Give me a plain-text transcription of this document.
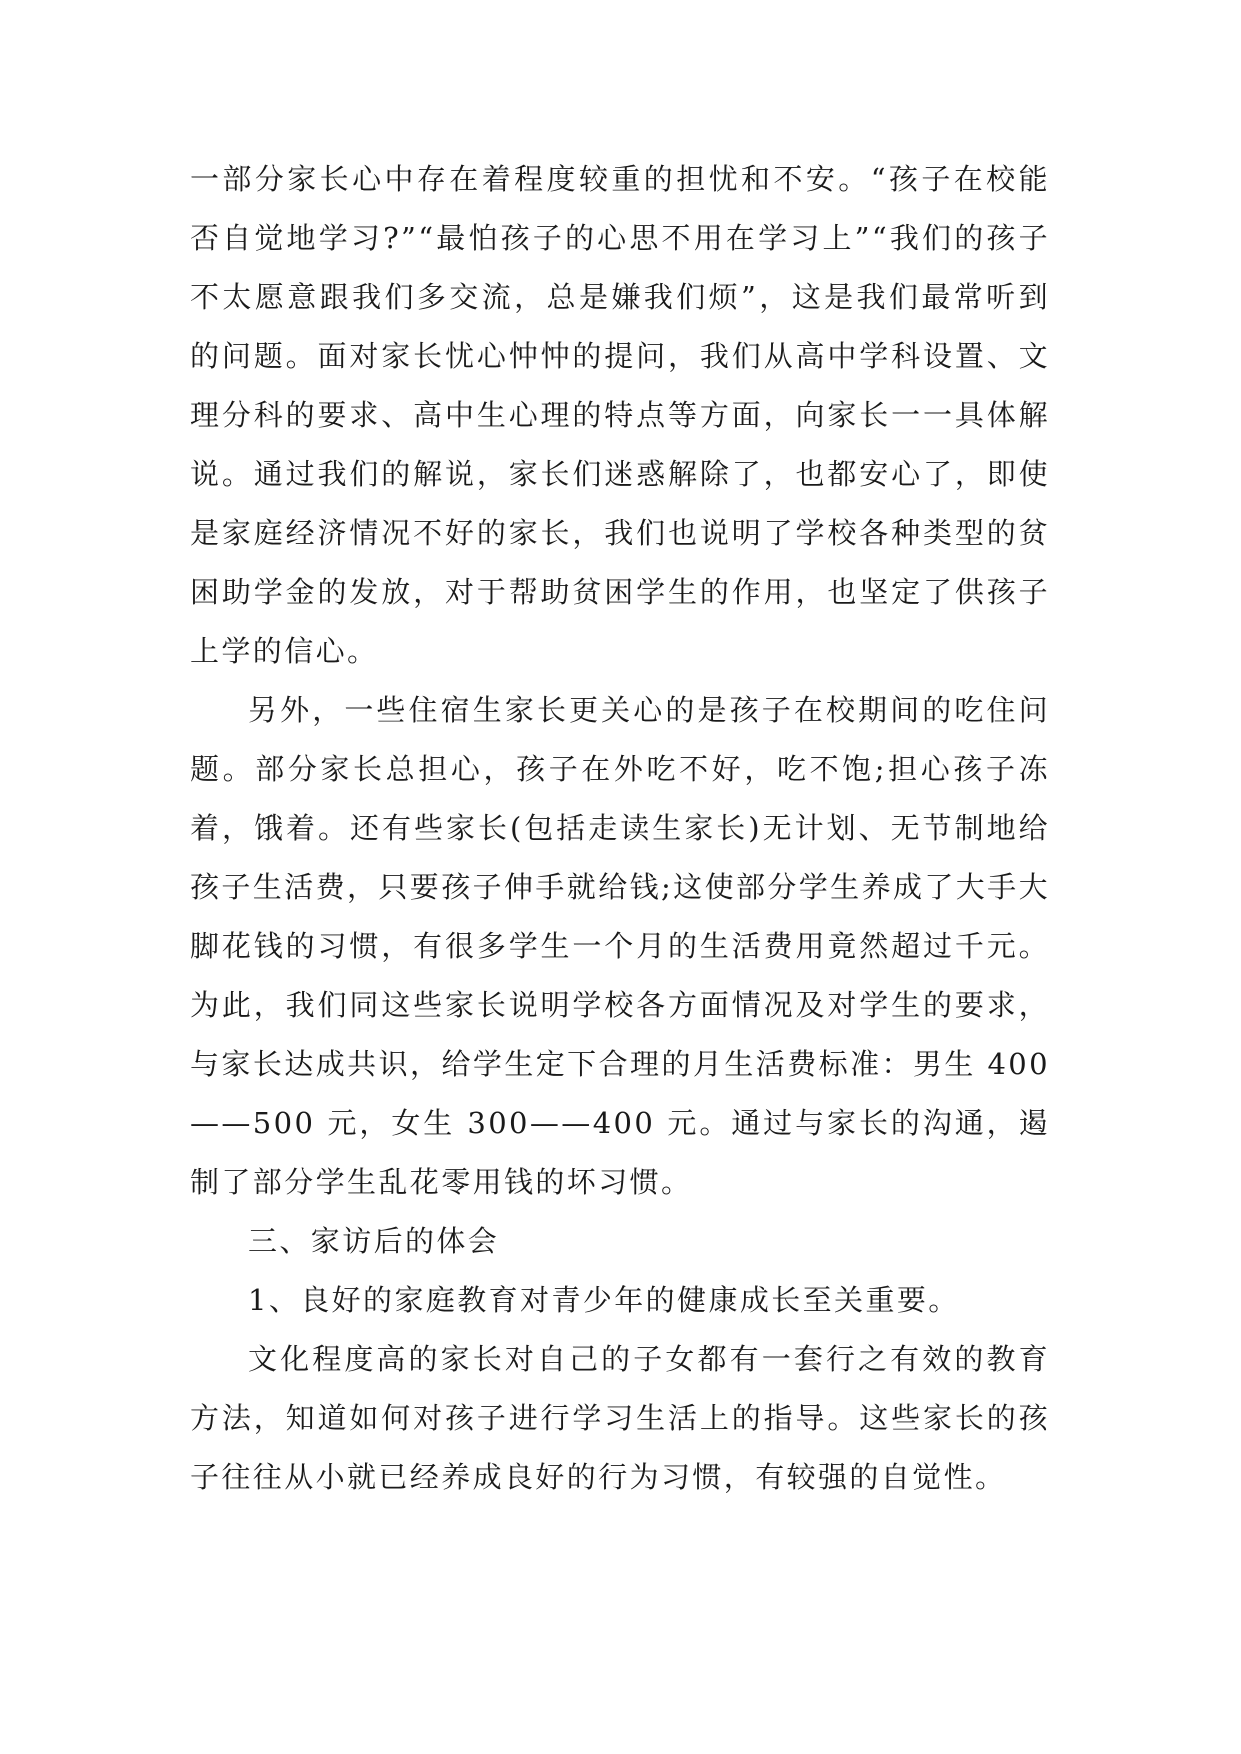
一部分家长心中存在着程度较重的担忧和不安。“孩子在校能否自觉地学习?”“最怕孩子的心思不用在学习上”“我们的孩子不太愿意跟我们多交流，总是嫌我们烦”，这是我们最常听到的问题。面对家长忧心忡忡的提问，我们从高中学科设置、文理分科的要求、高中生心理的特点等方面，向家长一一具体解说。通过我们的解说，家长们迷惑解除了，也都安心了，即使是家庭经济情况不好的家长，我们也说明了学校各种类型的贫困助学金的发放，对于帮助贫困学生的作用，也坚定了供孩子上学的信心。

另外，一些住宿生家长更关心的是孩子在校期间的吃住问题。部分家长总担心，孩子在外吃不好，吃不饱;担心孩子冻着，饿着。还有些家长(包括走读生家长)无计划、无节制地给孩子生活费，只要孩子伸手就给钱;这使部分学生养成了大手大脚花钱的习惯，有很多学生一个月的生活费用竟然超过千元。为此，我们同这些家长说明学校各方面情况及对学生的要求，与家长达成共识，给学生定下合理的月生活费标准：男生 400——500 元，女生 300——400 元。通过与家长的沟通，遏制了部分学生乱花零用钱的坏习惯。

三、家访后的体会

1、良好的家庭教育对青少年的健康成长至关重要。

文化程度高的家长对自己的子女都有一套行之有效的教育方法，知道如何对孩子进行学习生活上的指导。这些家长的孩子往往从小就已经养成良好的行为习惯，有较强的自觉性。
